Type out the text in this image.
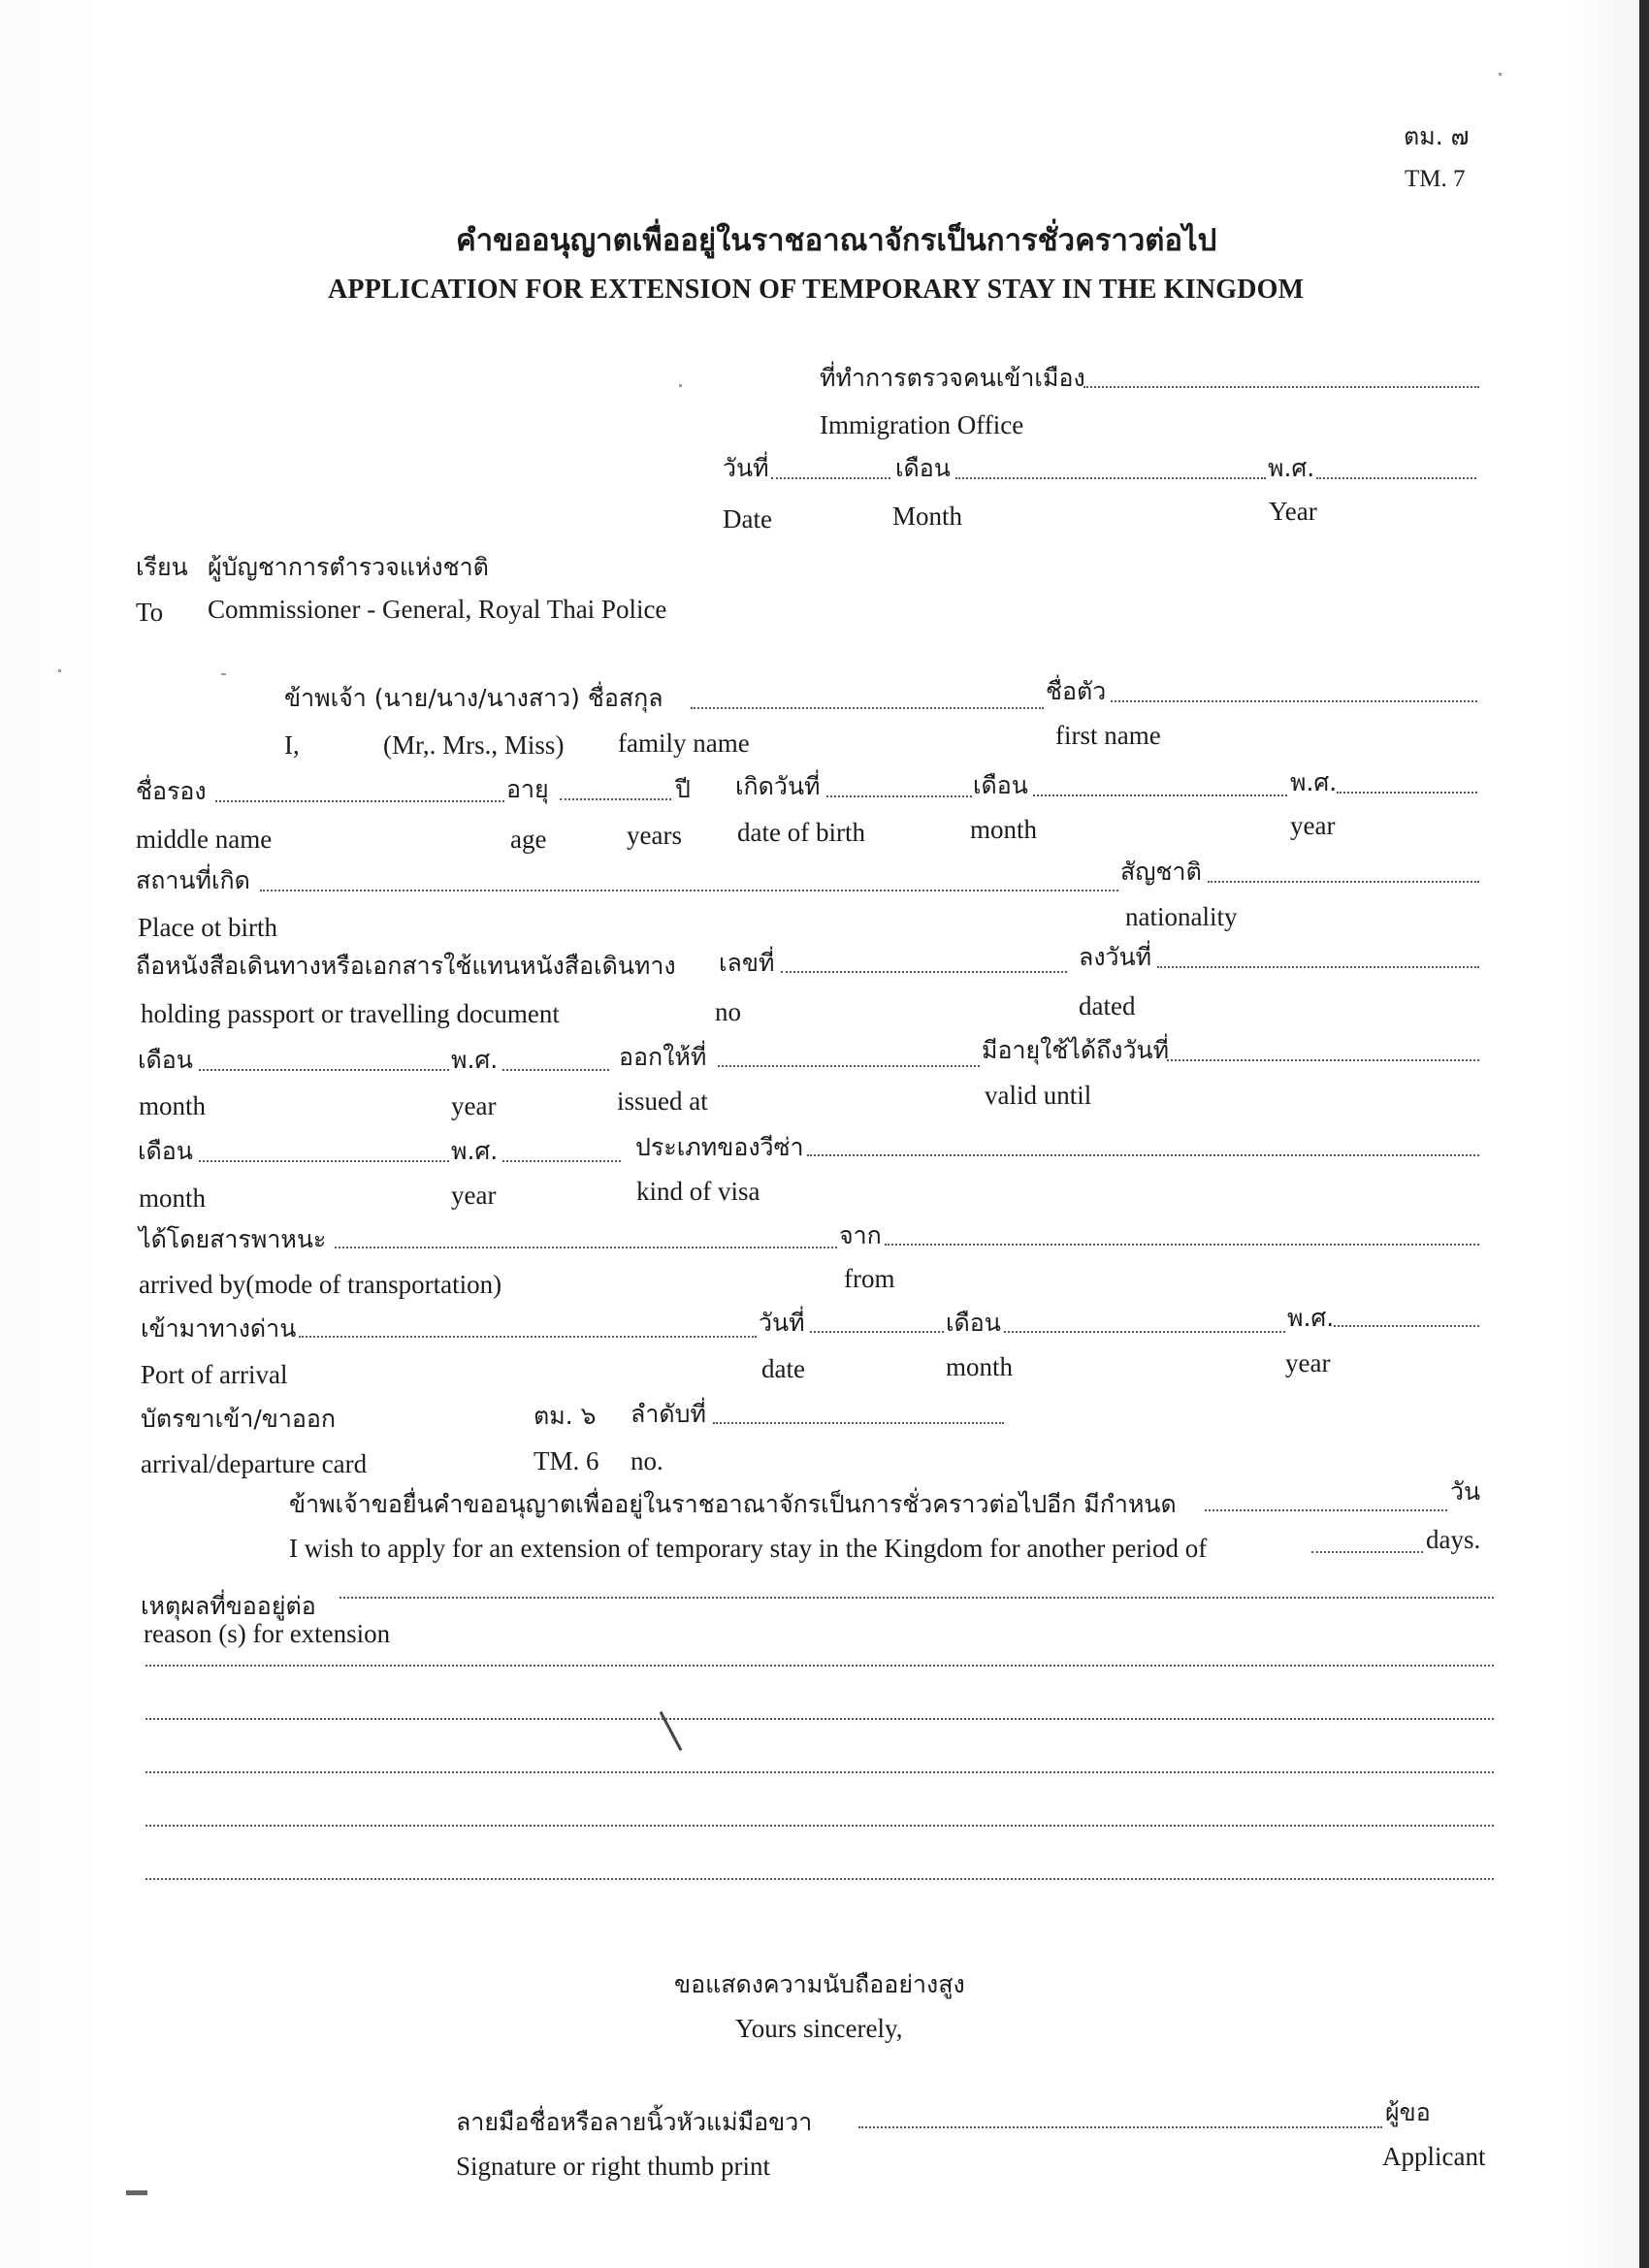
ตม. ๗
TM. 7
คำขออนุญาตเพื่ออยู่ในราชอาณาจักรเป็นการชั่วคราวต่อไป
APPLICATION FOR EXTENSION OF TEMPORARY STAY IN THE KINGDOM
ที่ทำการตรวจคนเข้าเมือง
Immigration Office
วันที่	เดือน	พ.ศ.
Date	Month	Year
เรียน ผู้บัญชาการตำรวจแห่งชาติ
To Commissioner - General, Royal Thai Police
ข้าพเจ้า (นาย/นาง/นางสาว) ชื่อสกุล	ชื่อตัว
I,	(Mr,. Mrs., Miss) family name	first name
ชื่อรอง	อายุ	ปี เกิดวันที่	เดือน	พ.ศ.
middle name	age	years date of birth	month	year
สถานที่เกิด	สัญชาติ
Place ot birth	nationality
ถือหนังสือเดินทางหรือเอกสารใช้แทนหนังสือเดินทาง เลขที่	ลงวันที่
holding passport or travelling document	no	dated
เดือน	พ.ศ.	ออกให้ที่	มีอายุใช้ได้ถึงวันที่
month	year	issued at	valid until
เดือน	พ.ศ.	ประเภทของวีซ่า
month	year	kind of visa
ได้โดยสารพาหนะ	จาก
arrived by(mode of transportation)	from
เข้ามาทางด่าน	วันที่	เดือน	พ.ศ.
Port of arrival	date	month	year
บัตรขาเข้า/ขาออก	ตม. ๖ ลำดับที่
arrival/departure card	TM. 6 no.
ข้าพเจ้าขอยื่นคำขออนุญาตเพื่ออยู่ในราชอาณาจักรเป็นการชั่วคราวต่อไปอีก มีกำหนด	วัน
I wish to apply for an extension of temporary stay in the Kingdom for another period of	days.
เหตุผลที่ขออยู่ต่อ
reason (s) for extension
ขอแสดงความนับถืออย่างสูง
Yours sincerely,
ลายมือชื่อหรือลายนิ้วหัวแม่มือขวา	ผู้ขอ
Signature or right thumb print	Applicant
